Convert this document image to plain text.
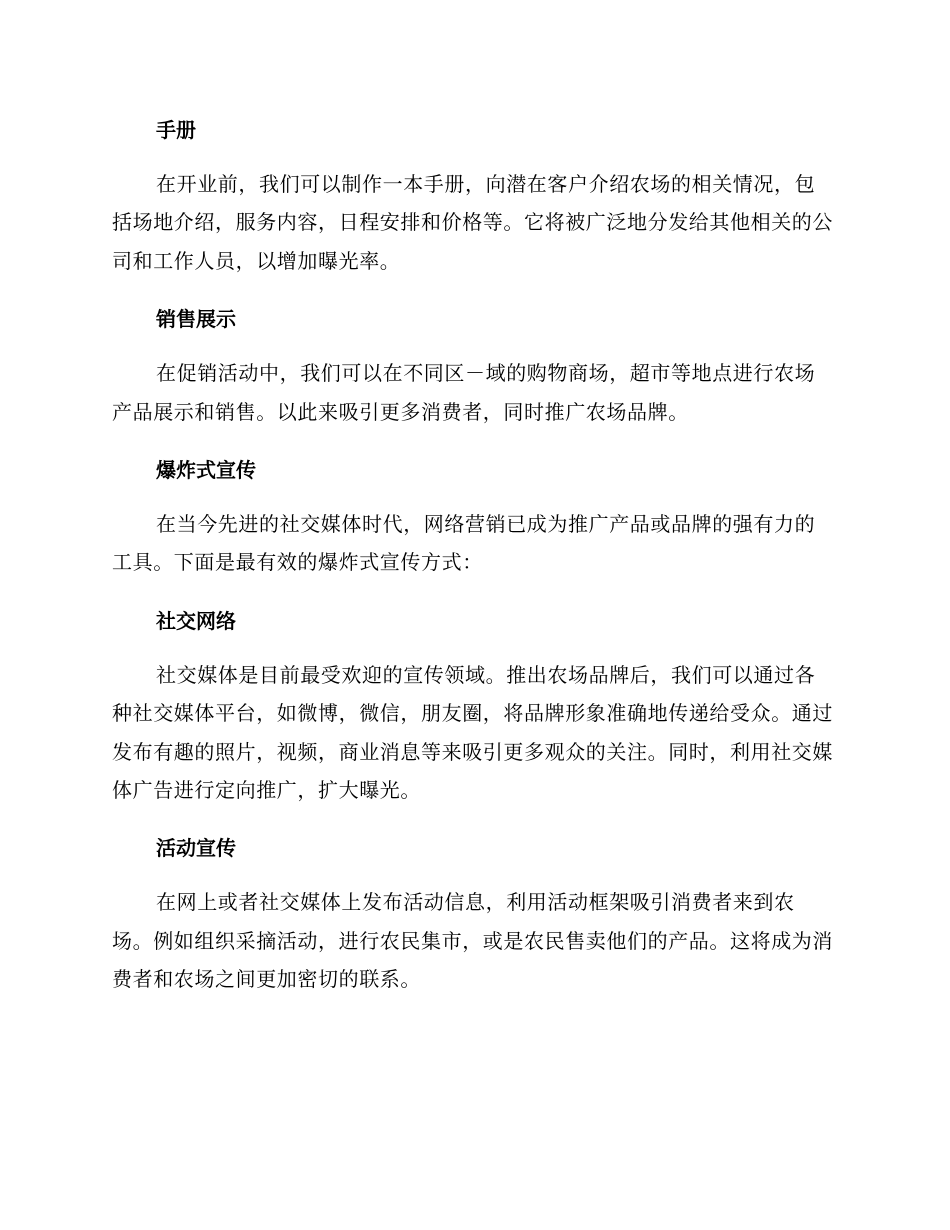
手册

在开业前，我们可以制作一本手册，向潜在客户介绍农场的相关情况，包括场地介绍，服务内容，日程安排和价格等。它将被广泛地分发给其他相关的公司和工作人员，以增加曝光率。

销售展示

在促销活动中，我们可以在不同区－域的购物商场，超市等地点进行农场产品展示和销售。以此来吸引更多消费者，同时推广农场品牌。

爆炸式宣传

在当今先进的社交媒体时代，网络营销已成为推广产品或品牌的强有力的工具。下面是最有效的爆炸式宣传方式：

社交网络

社交媒体是目前最受欢迎的宣传领域。推出农场品牌后，我们可以通过各种社交媒体平台，如微博，微信，朋友圈，将品牌形象准确地传递给受众。通过发布有趣的照片，视频，商业消息等来吸引更多观众的关注。同时，利用社交媒体广告进行定向推广，扩大曝光。

活动宣传

在网上或者社交媒体上发布活动信息，利用活动框架吸引消费者来到农场。例如组织采摘活动，进行农民集市，或是农民售卖他们的产品。这将成为消费者和农场之间更加密切的联系。
